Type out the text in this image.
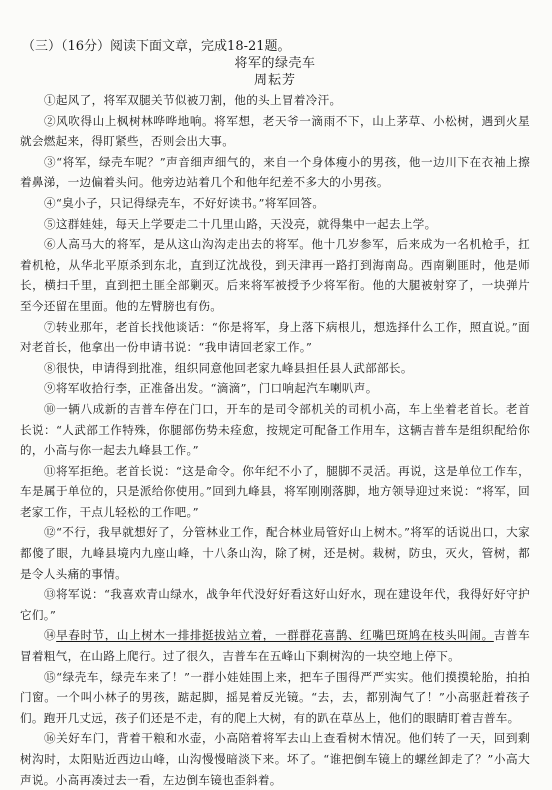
（三）（16分）阅读下面文章，完成18-21题。
将军的绿壳车
周耘芳

①起风了，将军双腿关节似被刀割，他的头上冒着冷汗。

②风吹得山上枫树林哗哗地响。将军想，老天爷一滴雨不下，山上茅草、小松树，遇到火星就会燃起来，得盯紧些，否则会出大事。

③“将军，绿壳车呢？”声音细声细气的，来自一个身体瘦小的男孩，他一边川下在衣袖上擦着鼻涕，一边偏着头问。他旁边站着几个和他年纪差不多大的小男孩。

④“臭小子，只记得绿壳车，不好好读书。”将军回答。

⑤这群娃娃，每天上学要走二十几里山路，天没亮，就得集中一起去上学。

⑥人高马大的将军，是从这山沟沟走出去的将军。他十几岁参军，后来成为一名机枪手，扛着机枪，从华北平原杀到东北，直到辽沈战役，到天津再一路打到海南岛。西南剿匪时，他是师长，横扫千里，直到把土匪全部剿灭。后来将军被授予少将军衔。他的大腿被射穿了，一块弹片至今还留在里面。他的左臂膀也有伤。

⑦转业那年，老首长找他谈话：“你是将军，身上落下病根儿，想选择什么工作，照直说。”面对老首长，他拿出一份申请书说：“我申请回老家工作。”

⑧很快，申请得到批准，组织同意他回老家九峰县担任县人武部部长。

⑨将军收拾行李，正准备出发。“滴滴”，门口响起汽车喇叭声。

⑩一辆八成新的吉普车停在门口，开车的是司令部机关的司机小高，车上坐着老首长。老首长说：“人武部工作特殊，你腿部伤势未痊愈，按规定可配备工作用车，这辆吉普车是组织配给你的，小高与你一起去九峰县工作。”

⑪将军拒绝。老首长说：“这是命令。你年纪不小了，腿脚不灵活。再说，这是单位工作车，车是属于单位的，只是派给你使用。”回到九峰县，将军刚刚落脚，地方领导迎过来说：“将军，回老家工作，干点儿轻松的工作吧。”

⑫“不行，我早就想好了，分管林业工作，配合林业局管好山上树木。”将军的话说出口，大家都傻了眼，九峰县境内九座山峰，十八条山沟，除了树，还是树。栽树，防虫，灭火，管树，都是令人头痛的事情。

⑬将军说：“我喜欢青山绿水，战争年代没好好看这好山好水，现在建设年代，我得好好守护它们。”

⑭早春时节，山上树木一排排挺拔站立着，一群群花喜鹊、红嘴巴斑鸠在枝头叫闹。吉普车冒着粗气，在山路上爬行。过了很久，吉普车在五峰山下剩树沟的一块空地上停下。

⑮“绿壳车，绿壳车来了！”一群小娃娃围上来，把车子围得严严实实。他们摸摸轮胎，拍拍门窗。一个叫小林子的男孩，踮起脚，摇晃着反光镜。“去，去，都别淘气了！”小高驱赶着孩子们。跑开几丈远，孩子们还是不走，有的爬上大树，有的趴在草丛上，他们的眼睛盯着吉普车。

⑯关好车门，背着干粮和水壶，小高陪着将军去山上查看树木情况。他们转了一天，回到剩树沟时，太阳贴近西边山峰，山沟慢慢暗淡下来。坏了。“谁把倒车镜上的螺丝卸走了？”小高大声说。小高再凑过去一看，左边倒车镜也歪斜着。
